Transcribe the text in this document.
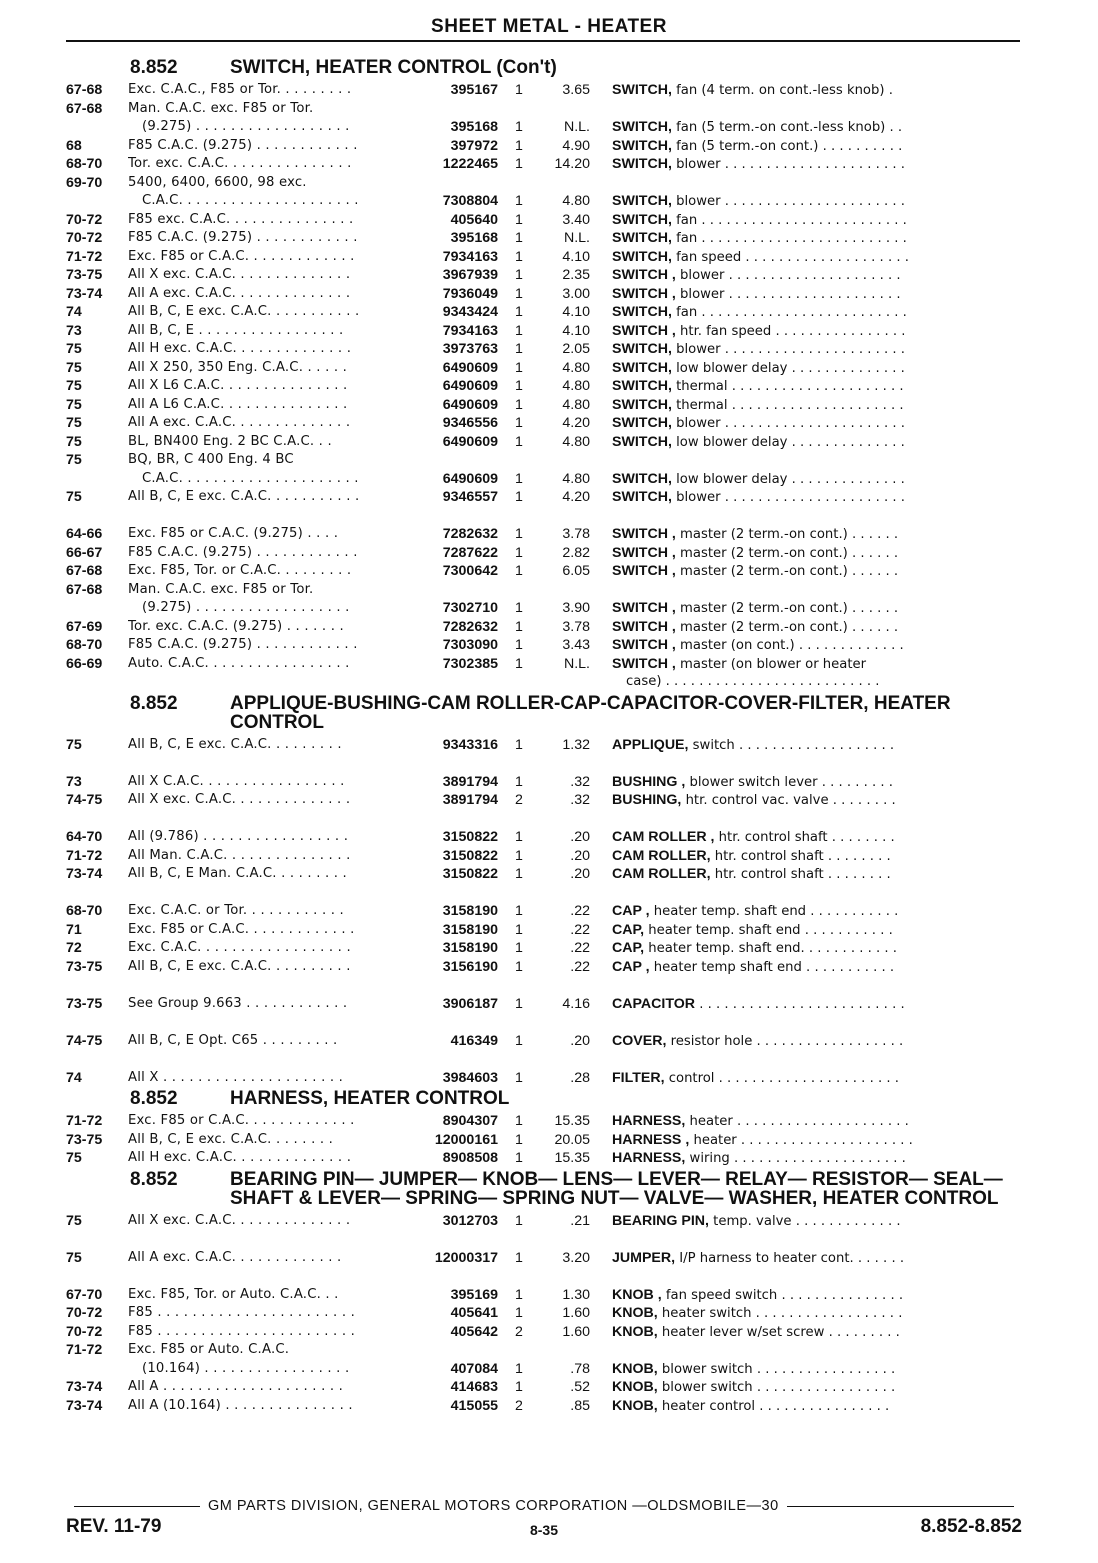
SHEET METAL - HEATER
8.852	SWITCH, HEATER CONTROL (Con't)
67-68	Exc. C.A.C., F85 or Tor. . . . . . . . .	395167	1	3.65	SWITCH, fan (4 term. on cont.-less knob) .
67-68	Man. C.A.C. exc. F85 or Tor.
(9.275) . . . . . . . . . . . . . . . . . .	395168	1	N.L.	SWITCH, fan (5 term.-on cont.-less knob) . .
68	F85 C.A.C. (9.275) . . . . . . . . . . . .	397972	1	4.90	SWITCH, fan (5 term.-on cont.) . . . . . . . . . .
68-70	Tor. exc. C.A.C. . . . . . . . . . . . . . .	1222465	1	14.20	SWITCH, blower . . . . . . . . . . . . . . . . . . . . . .
69-70	5400, 6400, 6600, 98 exc.
C.A.C. . . . . . . . . . . . . . . . . . . . .	7308804	1	4.80	SWITCH, blower . . . . . . . . . . . . . . . . . . . . . .
70-72	F85 exc. C.A.C. . . . . . . . . . . . . . .	405640	1	3.40	SWITCH, fan . . . . . . . . . . . . . . . . . . . . . . . . .
70-72	F85 C.A.C. (9.275) . . . . . . . . . . . .	395168	1	N.L.	SWITCH, fan . . . . . . . . . . . . . . . . . . . . . . . . .
71-72	Exc. F85 or C.A.C. . . . . . . . . . . . .	7934163	1	4.10	SWITCH, fan speed . . . . . . . . . . . . . . . . . . . .
73-75	All X exc. C.A.C. . . . . . . . . . . . . .	3967939	1	2.35	SWITCH , blower . . . . . . . . . . . . . . . . . . . . .
73-74	All A exc. C.A.C. . . . . . . . . . . . . .	7936049	1	3.00	SWITCH , blower . . . . . . . . . . . . . . . . . . . . .
74	All B, C, E exc. C.A.C. . . . . . . . . . .	9343424	1	4.10	SWITCH, fan . . . . . . . . . . . . . . . . . . . . . . . . .
73	All B, C, E . . . . . . . . . . . . . . . . .	7934163	1	4.10	SWITCH , htr. fan speed . . . . . . . . . . . . . . . .
75	All H exc. C.A.C. . . . . . . . . . . . . .	3973763	1	2.05	SWITCH, blower . . . . . . . . . . . . . . . . . . . . . .
75	All X 250, 350 Eng. C.A.C. . . . . .	6490609	1	4.80	SWITCH, low blower delay . . . . . . . . . . . . . .
75	All X L6 C.A.C. . . . . . . . . . . . . . .	6490609	1	4.80	SWITCH, thermal . . . . . . . . . . . . . . . . . . . . .
75	All A L6 C.A.C. . . . . . . . . . . . . . .	6490609	1	4.80	SWITCH, thermal . . . . . . . . . . . . . . . . . . . . .
75	All A exc. C.A.C. . . . . . . . . . . . . .	9346556	1	4.20	SWITCH, blower . . . . . . . . . . . . . . . . . . . . . .
75	BL, BN400 Eng. 2 BC C.A.C. . .	6490609	1	4.80	SWITCH, low blower delay . . . . . . . . . . . . . .
75	BQ, BR, C 400 Eng. 4 BC
C.A.C. . . . . . . . . . . . . . . . . . . . .	6490609	1	4.80	SWITCH, low blower delay . . . . . . . . . . . . . .
75	All B, C, E exc. C.A.C. . . . . . . . . . .	9346557	1	4.20	SWITCH, blower . . . . . . . . . . . . . . . . . . . . . .
64-66	Exc. F85 or C.A.C. (9.275) . . . .	7282632	1	3.78	SWITCH , master (2 term.-on cont.) . . . . . .
66-67	F85 C.A.C. (9.275) . . . . . . . . . . . .	7287622	1	2.82	SWITCH , master (2 term.-on cont.) . . . . . .
67-68	Exc. F85, Tor. or C.A.C. . . . . . . . .	7300642	1	6.05	SWITCH , master (2 term.-on cont.) . . . . . .
67-68	Man. C.A.C. exc. F85 or Tor.
(9.275) . . . . . . . . . . . . . . . . . .	7302710	1	3.90	SWITCH , master (2 term.-on cont.) . . . . . .
67-69	Tor. exc. C.A.C. (9.275) . . . . . . .	7282632	1	3.78	SWITCH , master (2 term.-on cont.) . . . . . .
68-70	F85 C.A.C. (9.275) . . . . . . . . . . . .	7303090	1	3.43	SWITCH , master (on cont.) . . . . . . . . . . . . .
66-69	Auto. C.A.C. . . . . . . . . . . . . . . . .	7302385	1	N.L.	SWITCH , master (on blower or heater
case) . . . . . . . . . . . . . . . . . . . . . . . . . .
8.852	APPLIQUE-BUSHING-CAM ROLLER-CAP-CAPACITOR-COVER-FILTER, HEATER CONTROL
75	All B, C, E exc. C.A.C. . . . . . . . .	9343316	1	1.32	APPLIQUE, switch . . . . . . . . . . . . . . . . . . .
73	All X C.A.C. . . . . . . . . . . . . . . . .	3891794	1	.32	BUSHING , blower switch lever . . . . . . . . .
74-75	All X exc. C.A.C. . . . . . . . . . . . . .	3891794	2	.32	BUSHING, htr. control vac. valve . . . . . . . .
64-70	All (9.786) . . . . . . . . . . . . . . . . .	3150822	1	.20	CAM ROLLER , htr. control shaft . . . . . . . .
71-72	All Man. C.A.C. . . . . . . . . . . . . . .	3150822	1	.20	CAM ROLLER, htr. control shaft . . . . . . . .
73-74	All B, C, E Man. C.A.C. . . . . . . . .	3150822	1	.20	CAM ROLLER, htr. control shaft . . . . . . . .
68-70	Exc. C.A.C. or Tor. . . . . . . . . . . .	3158190	1	.22	CAP , heater temp. shaft end . . . . . . . . . . .
71	Exc. F85 or C.A.C. . . . . . . . . . . . .	3158190	1	.22	CAP, heater temp. shaft end . . . . . . . . . . .
72	Exc. C.A.C. . . . . . . . . . . . . . . . . .	3158190	1	.22	CAP, heater temp. shaft end. . . . . . . . . . . .
73-75	All B, C, E exc. C.A.C. . . . . . . . . .	3156190	1	.22	CAP , heater temp shaft end . . . . . . . . . . .
73-75	See Group 9.663 . . . . . . . . . . . .	3906187	1	4.16	CAPACITOR . . . . . . . . . . . . . . . . . . . . . . . . .
74-75	All B, C, E Opt. C65 . . . . . . . . .	416349	1	.20	COVER, resistor hole . . . . . . . . . . . . . . . . . .
74	All X . . . . . . . . . . . . . . . . . . . . .	3984603	1	.28	FILTER, control . . . . . . . . . . . . . . . . . . . . . .
8.852	HARNESS, HEATER CONTROL
71-72	Exc. F85 or C.A.C. . . . . . . . . . . . .	8904307	1	15.35	HARNESS, heater . . . . . . . . . . . . . . . . . . . . .
73-75	All B, C, E exc. C.A.C. . . . . . . .	12000161	1	20.05	HARNESS , heater . . . . . . . . . . . . . . . . . . . . .
75	All H exc. C.A.C. . . . . . . . . . . . . .	8908508	1	15.35	HARNESS, wiring . . . . . . . . . . . . . . . . . . . . .
8.852	BEARING PIN— JUMPER— KNOB— LENS— LEVER— RELAY— RESISTOR— SEAL— SHAFT & LEVER— SPRING— SPRING NUT— VALVE— WASHER, HEATER CONTROL
75	All X exc. C.A.C. . . . . . . . . . . . . .	3012703	1	.21	BEARING PIN, temp. valve . . . . . . . . . . . . .
75	All A exc. C.A.C. . . . . . . . . . . . .	12000317	1	3.20	JUMPER, I/P harness to heater cont. . . . . . .
67-70	Exc. F85, Tor. or Auto. C.A.C. . .	395169	1	1.30	KNOB , fan speed switch . . . . . . . . . . . . . . .
70-72	F85 . . . . . . . . . . . . . . . . . . . . . . .	405641	1	1.60	KNOB, heater switch . . . . . . . . . . . . . . . . . .
70-72	F85 . . . . . . . . . . . . . . . . . . . . . . .	405642	2	1.60	KNOB, heater lever w/set screw . . . . . . . . .
71-72	Exc. F85 or Auto. C.A.C.
(10.164) . . . . . . . . . . . . . . . . .	407084	1	.78	KNOB, blower switch . . . . . . . . . . . . . . . . .
73-74	All A . . . . . . . . . . . . . . . . . . . . .	414683	1	.52	KNOB, blower switch . . . . . . . . . . . . . . . . .
73-74	All A (10.164) . . . . . . . . . . . . . . .	415055	2	.85	KNOB, heater control . . . . . . . . . . . . . . . .
GM PARTS DIVISION, GENERAL MOTORS CORPORATION —OLDSMOBILE—30
REV. 11-79	8-35	8.852-8.852
